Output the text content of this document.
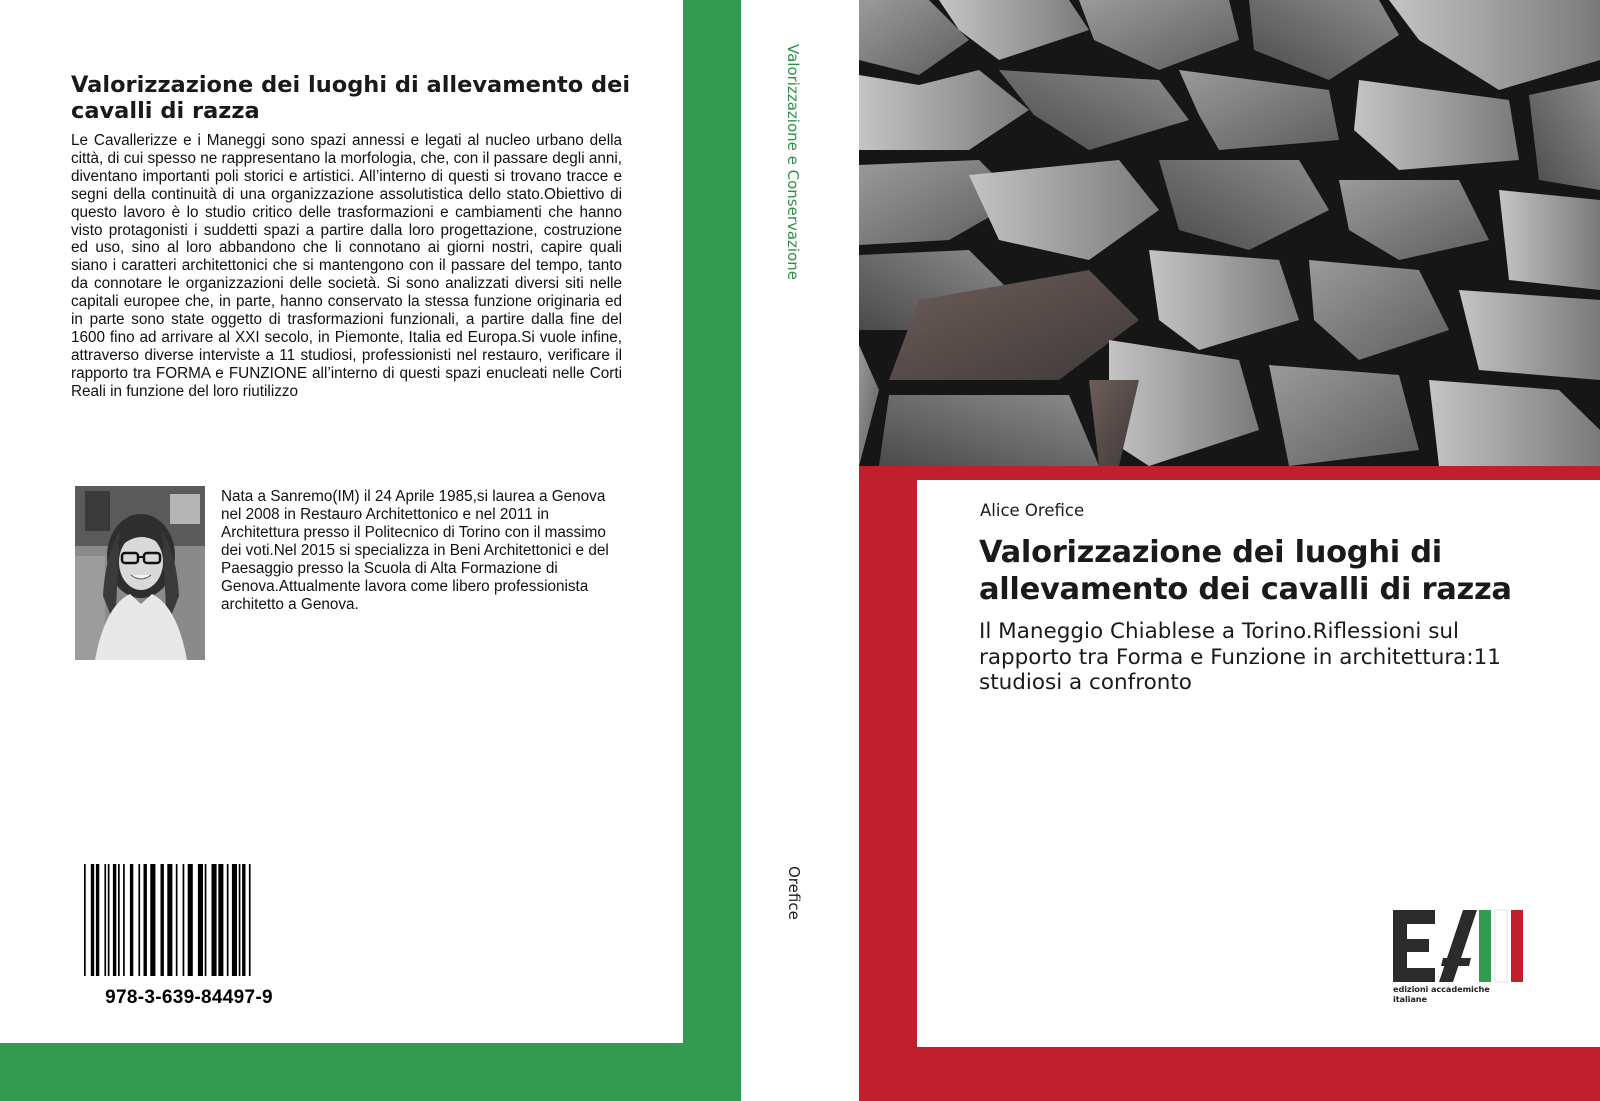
Valorizzazione dei luoghi di allevamento dei cavalli di razza

Le Cavallerizze e i Maneggi sono spazi annessi e legati al nucleo urbano della città, di cui spesso ne rappresentano la morfologia, che, con il passare degli anni, diventano importanti poli storici e artistici. All’interno di questi si trovano tracce e segni della continuità di una organizzazione assolutistica dello stato.Obiettivo di questo lavoro è lo studio critico delle trasformazioni e cambiamenti che hanno visto protagonisti i suddetti spazi a partire dalla loro progettazione, costruzione ed uso, sino al loro abbandono che li connotano ai giorni nostri, capire quali siano i caratteri architettonici che si mantengono con il passare del tempo, tanto da connotare le organizzazioni delle società. Si sono analizzati diversi siti nelle capitali europee che, in parte, hanno conservato la stessa funzione originaria ed in parte sono state oggetto di trasformazioni funzionali, a partire dalla fine del 1600 fino ad arrivare al XXI secolo, in Piemonte, Italia ed Europa.Si vuole infine, attraverso diverse interviste a 11 studiosi, professionisti nel restauro, verificare il rapporto tra FORMA e FUNZIONE all’interno di questi spazi enucleati nelle Corti Reali in funzione del loro riutilizzo

Nata a Sanremo(IM) il 24 Aprile 1985,si laurea a Genova nel 2008 in Restauro Architettonico e nel 2011 in Architettura presso il Politecnico di Torino con il massimo dei voti.Nel 2015 si specializza in Beni Architettonici e del Paesaggio presso la Scuola di Alta Formazione di Genova.Attualmente lavora come libero professionista architetto a Genova.

978-3-639-84497-9
Valorizzazione e Conservazione
Orefice
Alice Orefice
Valorizzazione dei luoghi di allevamento dei cavalli di razza
Il Maneggio Chiablese a Torino.Riflessioni sul rapporto tra Forma e Funzione in architettura:11 studiosi a confronto
edizioni accademiche italiane
